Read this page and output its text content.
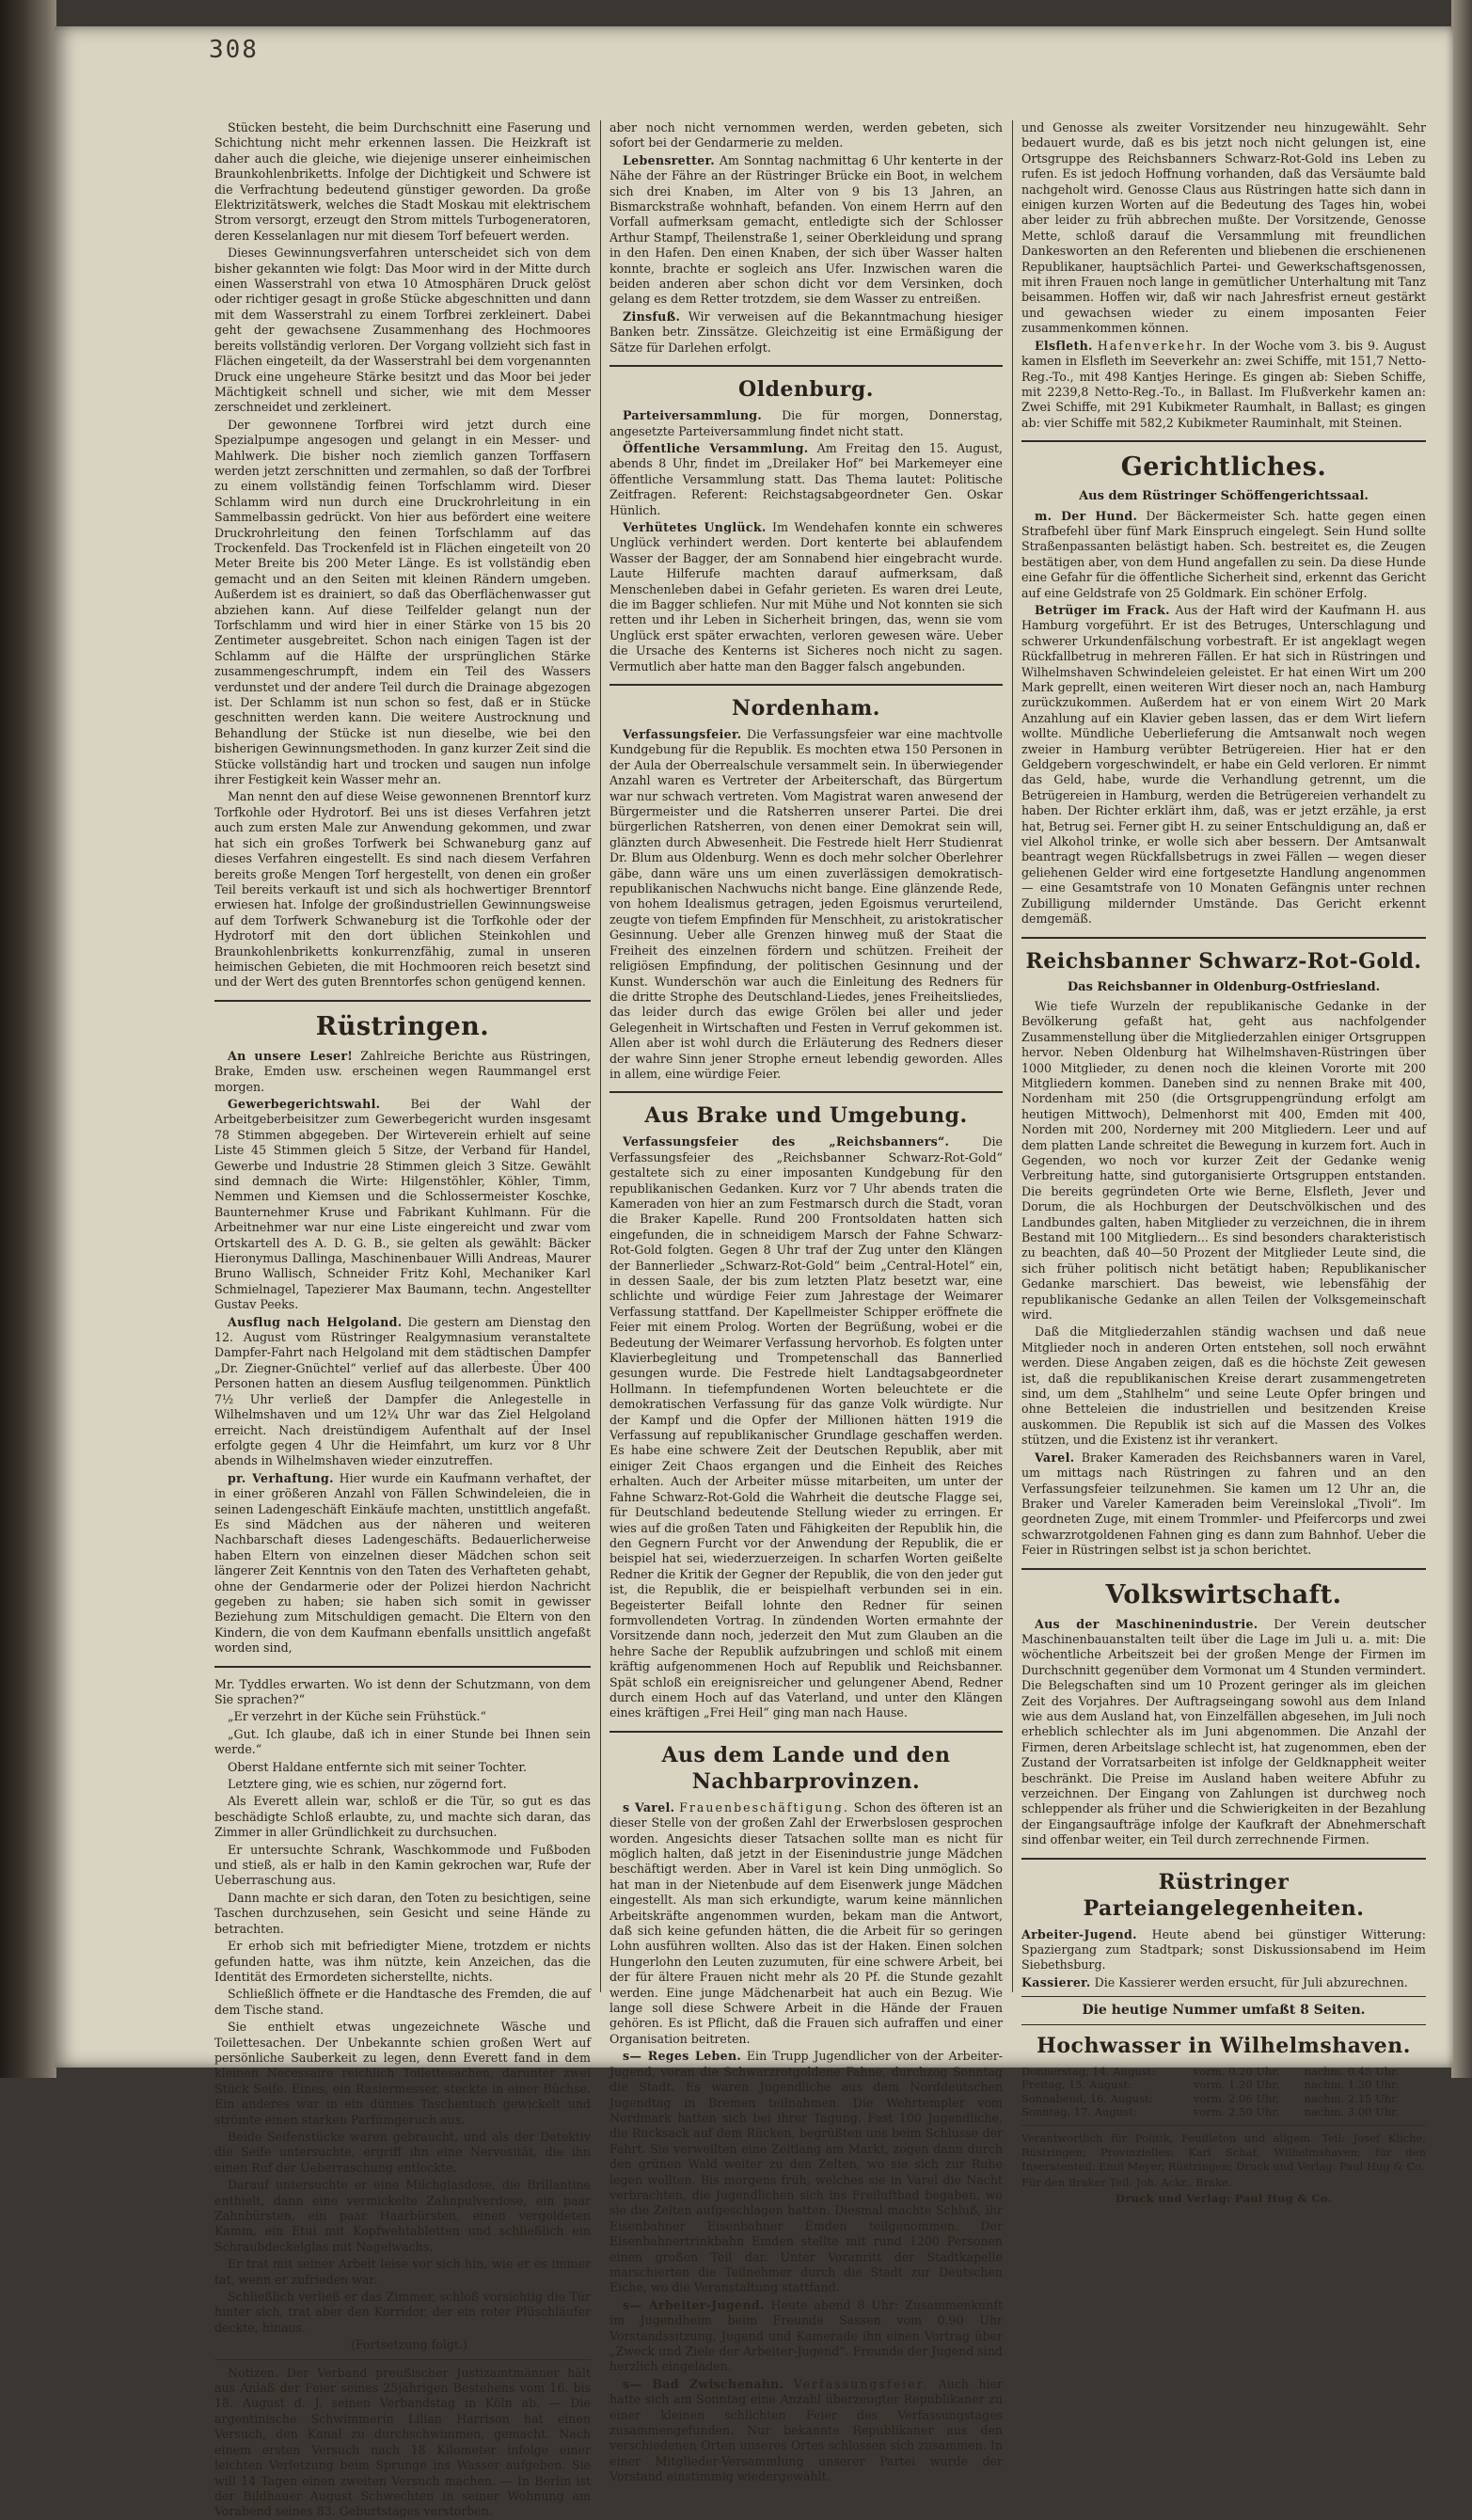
308

Stücken besteht, die beim Durchschnitt eine Faserung und Schichtung nicht mehr erkennen lassen. Die Heizkraft ist daher auch die gleiche, wie diejenige unserer einheimischen Braunkohlenbriketts. Infolge der Dichtigkeit und Schwere ist die Verfrachtung bedeutend günstiger geworden. Da große Elektrizitätswerk, welches die Stadt Moskau mit elektrischem Strom versorgt, erzeugt den Strom mittels Turbogeneratoren, deren Kesselanlagen nur mit diesem Torf befeuert werden.

Dieses Gewinnungsverfahren unterscheidet sich von dem bisher gekannten wie folgt: Das Moor wird in der Mitte durch einen Wasserstrahl von etwa 10 Atmosphären Druck gelöst oder richtiger gesagt in große Stücke abgeschnitten und dann mit dem Wasserstrahl zu einem Torfbrei zerkleinert. Dabei geht der gewachsene Zusammenhang des Hochmoores bereits vollständig verloren. Der Vorgang vollzieht sich fast in Flächen eingeteilt, da der Wasserstrahl bei dem vorgenannten Druck eine ungeheure Stärke besitzt und das Moor bei jeder Mächtigkeit schnell und sicher, wie mit dem Messer zerschneidet und zerkleinert.

Der gewonnene Torfbrei wird jetzt durch eine Spezialpumpe angesogen und gelangt in ein Messer- und Mahlwerk. Die bisher noch ziemlich ganzen Torffasern werden jetzt zerschnitten und zermahlen, so daß der Torfbrei zu einem vollständig feinen Torfschlamm wird. Dieser Schlamm wird nun durch eine Druckrohrleitung in ein Sammelbassin gedrückt. Von hier aus befördert eine weitere Druckrohrleitung den feinen Torfschlamm auf das Trockenfeld. Das Trockenfeld ist in Flächen eingeteilt von 20 Meter Breite bis 200 Meter Länge. Es ist vollständig eben gemacht und an den Seiten mit kleinen Rändern umgeben. Außerdem ist es drainiert, so daß das Oberflächenwasser gut abziehen kann. Auf diese Teilfelder gelangt nun der Torfschlamm und wird hier in einer Stärke von 15 bis 20 Zentimeter ausgebreitet. Schon nach einigen Tagen ist der Schlamm auf die Hälfte der ursprünglichen Stärke zusammengeschrumpft, indem ein Teil des Wassers verdunstet und der andere Teil durch die Drainage abgezogen ist. Der Schlamm ist nun schon so fest, daß er in Stücke geschnitten werden kann. Die weitere Austrocknung und Behandlung der Stücke ist nun dieselbe, wie bei den bisherigen Gewinnungsmethoden. In ganz kurzer Zeit sind die Stücke vollständig hart und trocken und saugen nun infolge ihrer Festigkeit kein Wasser mehr an.

Man nennt den auf diese Weise gewonnenen Brenntorf kurz Torfkohle oder Hydrotorf. Bei uns ist dieses Verfahren jetzt auch zum ersten Male zur Anwendung gekommen, und zwar hat sich ein großes Torfwerk bei Schwaneburg ganz auf dieses Verfahren eingestellt. Es sind nach diesem Verfahren bereits große Mengen Torf hergestellt, von denen ein großer Teil bereits verkauft ist und sich als hochwertiger Brenntorf erwiesen hat. Infolge der großindustriellen Gewinnungsweise auf dem Torfwerk Schwaneburg ist die Torfkohle oder der Hydrotorf mit den dort üblichen Steinkohlen und Braunkohlenbriketts konkurrenzfähig, zumal in unseren heimischen Gebieten, die mit Hochmooren reich besetzt sind und der Wert des guten Brenntorfes schon genügend kennen.

Rüstringen.

An unsere Leser! Zahlreiche Berichte aus Rüstringen, Brake, Emden usw. erscheinen wegen Raummangel erst morgen.

Gewerbegerichtswahl.	Bei der Wahl der Arbeitgeberbeisitzer zum Gewerbegericht wurden insgesamt 78 Stimmen abgegeben. Der Wirteverein erhielt auf seine Liste 45 Stimmen gleich 5 Sitze, der Verband für Handel, Gewerbe und Industrie 28 Stimmen gleich 3 Sitze. Gewählt sind demnach die Wirte: Hilgenstöhler, Köhler, Timm, Nemmen und Kiemsen und die Schlossermeister Koschke, Baunternehmer Kruse und Fabrikant Kuhlmann. Für die Arbeitnehmer war nur eine Liste eingereicht und zwar vom Ortskartell des A. D. G. B., sie gelten als gewählt: Bäcker Hieronymus Dallinga, Maschinenbauer Willi Andreas, Maurer Bruno Wallisch, Schneider Fritz Kohl, Mechaniker Karl Schmielnagel, Tapezierer Max Baumann, techn. Angestellter Gustav Peeks.

Ausflug nach Helgoland. Die gestern am Dienstag den 12. August vom Rüstringer Realgymnasium veranstaltete Dampfer-Fahrt nach Helgoland mit dem städtischen Dampfer „Dr. Ziegner-Gnüchtel“ verlief auf das allerbeste. Über 400 Personen hatten an diesem Ausflug teilgenommen. Pünktlich 7½ Uhr verließ der Dampfer die Anlegestelle in Wilhelmshaven und um 12¼ Uhr war das Ziel Helgoland erreicht. Nach dreistündigem Aufenthalt auf der Insel erfolgte gegen 4 Uhr die Heimfahrt, um kurz vor 8 Uhr abends in Wilhelmshaven wieder einzutreffen.

pr. Verhaftung. Hier wurde ein Kaufmann verhaftet, der in einer größeren Anzahl von Fällen Schwindeleien, die in seinen Ladengeschäft Einkäufe machten, unstittlich angefaßt. Es sind Mädchen aus der näheren und weiteren Nachbarschaft dieses Ladengeschäfts. Bedauerlicherweise haben Eltern von einzelnen dieser Mädchen schon seit längerer Zeit Kenntnis von den Taten des Verhafteten gehabt, ohne der Gendarmerie oder der Polizei hierdon Nachricht gegeben zu haben; sie haben sich somit in gewisser Beziehung zum Mitschuldigen gemacht. Die Eltern von den Kindern, die von dem Kaufmann ebenfalls unsittlich angefaßt worden sind,

Mr. Tyddles erwarten. Wo ist denn der Schutzmann, von dem Sie sprachen?“

„Er verzehrt in der Küche sein Frühstück.“

„Gut. Ich glaube, daß ich in einer Stunde bei Ihnen sein werde.“

Oberst Haldane entfernte sich mit seiner Tochter.

Letztere ging, wie es schien, nur zögernd fort.

Als Everett allein war, schloß er die Tür, so gut es das beschädigte Schloß erlaubte, zu, und machte sich daran, das Zimmer in aller Gründlichkeit zu durchsuchen.

Er untersuchte Schrank, Waschkommode und Fußboden und stieß, als er halb in den Kamin gekrochen war, Rufe der Ueberraschung aus.

Dann machte er sich daran, den Toten zu besichtigen, seine Taschen durchzusehen, sein Gesicht und seine Hände zu betrachten.

Er erhob sich mit befriedigter Miene, trotzdem er nichts gefunden hatte, was ihm nützte, kein Anzeichen, das die Identität des Ermordeten sicherstellte, nichts.

Schließlich öffnete er die Handtasche des Fremden, die auf dem Tische stand.

Sie enthielt etwas ungezeichnete Wäsche und Toilettesachen. Der Unbekannte schien großen Wert auf persönliche Sauberkeit zu legen, denn Everett fand in dem kleinen Necessaire reichlich Toilettesachen, darunter zwei Stück Seife. Eines, ein Rasiermesser, steckte in einer Büchse. Ein anderes war in ein dünnes Taschentuch gewickelt und strömte einen starken Parfümgeruch aus.

Beide Seifenstücke waren gebraucht, und als der Detektiv die Seife untersuchte, ergriff ihn eine Nervosität, die ihn einen Ruf der Ueberraschung entlockte.

Darauf untersuchte er eine Milchglasdose, die Brillantine enthielt, dann eine vermickelte Zahnpulverdose, ein paar Zahnbürsten, ein paar Haarbürsten, einen vergoldeten Kamm, ein Etui mit Kopfwehtabletten und schließlich ein Schraubdeckelglas mit Nagelwachs.

Er trat mit seiner Arbeit leise vor sich hin, wie er es immer tat, wenn er zufrieden war.

Schließlich verließ er das Zimmer, schloß vorsichtig die Tür hinter sich, trat aber den Korridor, der ein roter Plüschläufer deckte, hinaus.

(Fortsetzung folgt.)

Notizen. Der Verband preußischer Justizamtmänner hält aus Anlaß der Feier seines 25jährigen Bestehens vom 16. bis 18. August d. J. seinen Verbandstag in Köln ab. — Die argentinische Schwimmerin Lilian Harrison hat einen Versuch, den Kanal zu durchschwimmen, gemacht. Nach einem ersten Versuch nach 18 Kilometer infolge einer leichten Verletzung beim Sprunge ins Wasser aufgeben. Sie will 14 Tagen einen zweiten Versuch machen. — In Berlin ist der Bildhauer August Schwechten in seiner Wohnung am Vorabend seines 83. Geburtstages verstorben.

aber noch nicht vernommen werden, werden gebeten, sich sofort bei der Gendarmerie zu melden.

Lebensretter. Am Sonntag nachmittag 6 Uhr kenterte in der Nähe der Fähre an der Rüstringer Brücke ein Boot, in welchem sich drei Knaben, im Alter von 9 bis 13 Jahren, an Bismarckstraße wohnhaft, befanden. Von einem Herrn auf den Vorfall aufmerksam gemacht, entledigte sich der Schlosser Arthur Stampf, Theilenstraße 1, seiner Oberkleidung und sprang in den Hafen. Den einen Knaben, der sich über Wasser halten konnte, brachte er sogleich ans Ufer. Inzwischen waren die beiden anderen aber schon dicht vor dem Versinken, doch gelang es dem Retter trotzdem, sie dem Wasser zu entreißen.

Zinsfuß. Wir verweisen auf die Bekanntmachung hiesiger Banken betr. Zinssätze. Gleichzeitig ist eine Ermäßigung der Sätze für Darlehen erfolgt.

Oldenburg.

Parteiversammlung. Die für morgen, Donnerstag, angesetzte Parteiversammlung findet nicht statt.

Öffentliche Versammlung. Am Freitag den 15. August, abends 8 Uhr, findet im „Dreilaker Hof“ bei Markemeyer eine öffentliche Versammlung statt. Das Thema lautet: Politische Zeitfragen. Referent: Reichstagsabgeordneter Gen. Oskar Hünlich.

Verhütetes Unglück. Im Wendehafen konnte ein schweres Unglück verhindert werden. Dort kenterte bei ablaufendem Wasser der Bagger, der am Sonnabend hier eingebracht wurde. Laute Hilferufe machten darauf aufmerksam, daß Menschenleben dabei in Gefahr gerieten. Es waren drei Leute, die im Bagger schliefen. Nur mit Mühe und Not konnten sie sich retten und ihr Leben in Sicherheit bringen, das, wenn sie vom Unglück erst später erwachten, verloren gewesen wäre. Ueber die Ursache des Kenterns ist Sicheres noch nicht zu sagen. Vermutlich aber hatte man den Bagger falsch angebunden.

Nordenham.

Verfassungsfeier. Die Verfassungsfeier war eine machtvolle Kundgebung für die Republik. Es mochten etwa 150 Personen in der Aula der Oberrealschule versammelt sein. In überwiegender Anzahl waren es Vertreter der Arbeiterschaft, das Bürgertum war nur schwach vertreten. Vom Magistrat waren anwesend der Bürgermeister und die Ratsherren unserer Partei. Die drei bürgerlichen Ratsherren, von denen einer Demokrat sein will, glänzten durch Abwesenheit. Die Festrede hielt Herr Studienrat Dr. Blum aus Oldenburg. Wenn es doch mehr solcher Oberlehrer gäbe, dann wäre uns um einen zuverlässigen demokratisch-republikanischen Nachwuchs nicht bange. Eine glänzende Rede, von hohem Idealismus getragen, jeden Egoismus verurteilend, zeugte von tiefem Empfinden für Menschheit, zu aristokratischer Gesinnung. Ueber alle Grenzen hinweg muß der Staat die Freiheit des einzelnen fördern und schützen. Freiheit der religiösen Empfindung, der politischen Gesinnung und der Kunst. Wunderschön war auch die Einleitung des Redners für die dritte Strophe des Deutschland-Liedes, jenes Freiheitsliedes, das leider durch das ewige Grölen bei aller und jeder Gelegenheit in Wirtschaften und Festen in Verruf gekommen ist. Allen aber ist wohl durch die Erläuterung des Redners dieser der wahre Sinn jener Strophe erneut lebendig geworden. Alles in allem, eine würdige Feier.

Aus Brake und Umgebung.

Verfassungsfeier des „Reichsbanners“.	Die Verfassungsfeier des „Reichsbanner Schwarz-Rot-Gold“ gestaltete sich zu einer imposanten Kundgebung für den republikanischen Gedanken. Kurz vor 7 Uhr abends traten die Kameraden von hier an zum Festmarsch durch die Stadt, voran die Braker Kapelle. Rund 200 Frontsoldaten hatten sich eingefunden, die in schneidigem Marsch der Fahne Schwarz-Rot-Gold folgten. Gegen 8 Uhr traf der Zug unter den Klängen der Bannerlieder „Schwarz-Rot-Gold“ beim „Central-Hotel“ ein, in dessen Saale, der bis zum letzten Platz besetzt war, eine schlichte und würdige Feier zum Jahrestage der Weimarer Verfassung stattfand. Der Kapellmeister Schipper eröffnete die Feier mit einem Prolog. Worten der Begrüßung, wobei er die Bedeutung der Weimarer Verfassung hervorhob. Es folgten unter Klavierbegleitung und Trompetenschall das Bannerlied gesungen wurde. Die Festrede hielt Landtagsabgeordneter Hollmann. In tiefempfundenen Worten beleuchtete er die demokratischen Verfassung für das ganze Volk würdigte. Nur der Kampf und die Opfer der Millionen hätten 1919 die Verfassung auf republikanischer Grundlage geschaffen werden. Es habe eine schwere Zeit der Deutschen Republik, aber mit einiger Zeit Chaos ergangen und die Einheit des Reiches erhalten. Auch der Arbeiter müsse mitarbeiten, um unter der Fahne Schwarz-Rot-Gold die Wahrheit die deutsche Flagge sei, für Deutschland bedeutende Stellung wieder zu erringen. Er wies auf die großen Taten und Fähigkeiten der Republik hin, die den Gegnern Furcht vor der Anwendung der Republik, die er beispiel hat sei, wiederzuerzeigen. In scharfen Worten geißelte Redner die Kritik der Gegner der Republik, die von den jeder gut ist, die Republik, die er beispielhaft verbunden sei in ein. Begeisterter Beifall lohnte den Redner für seinen formvollendeten Vortrag. In zündenden Worten ermahnte der Vorsitzende dann noch, jederzeit den Mut zum Glauben an die hehre Sache der Republik aufzubringen und schloß mit einem kräftig aufgenommenen Hoch auf Republik und Reichsbanner. Spät schloß ein ereignisreicher und gelungener Abend, Redner durch einem Hoch auf das Vaterland, und unter den Klängen eines kräftigen „Frei Heil“ ging man nach Hause.

Aus dem Lande und den Nachbarprovinzen.

s Varel. Frauenbeschäftigung. Schon des öfteren ist an dieser Stelle von der großen Zahl der Erwerbslosen gesprochen worden. Angesichts dieser Tatsachen sollte man es nicht für möglich halten, daß jetzt in der Eisenindustrie junge Mädchen beschäftigt werden. Aber in Varel ist kein Ding unmöglich. So hat man in der Nietenbude auf dem Eisenwerk junge Mädchen eingestellt. Als man sich erkundigte, warum keine männlichen Arbeitskräfte angenommen wurden, bekam man die Antwort, daß sich keine gefunden hätten, die die Arbeit für so geringen Lohn ausführen wollten. Also das ist der Haken. Einen solchen Hungerlohn den Leuten zuzumuten, für eine schwere Arbeit, bei der für ältere Frauen nicht mehr als 20 Pf. die Stunde gezahlt werden. Eine junge Mädchenarbeit hat auch ein Bezug. Wie lange soll diese Schwere Arbeit in die Hände der Frauen gehören. Es ist Pflicht, daß die Frauen sich aufraffen und einer Organisation beitreten.

s— Reges Leben. Ein Trupp Jugendlicher von der Arbeiter-Jugend, voran die Schwarzrotgoldene Fahne, durchzog Sonntag die Stadt. Es waren Jugendliche aus dem Norddeutschen Jugendtag in Bremen teilnahmen. Die Wehrtempler vom Nordmark hatten sich bei ihrer Tagung. Fast 100 Jugendliche, die Rucksack auf dem Rücken, begrüßten uns beim Schlusse der Fahrt. Sie verweilten eine Zeitlang am Markt, zogen dann durch den grünen Wald weiter zu den Zelten, wo sie sich zur Ruhe legen wollten. Bis morgens früh, welches sie in Varel die Nacht verbrachten, die Jugendlichen sich ins Freiluftbad begaben, wo sie die Zelten aufgeschlagen hatten. Diesmal machte Schluß, ihr Eisenbahner Eisenbahner Emden teilgenommen. Der Eisenbahnertrinkbahn Emden stellte mit rund 1200 Personen einen großen Teil dar. Unter Voranritt der Stadtkapelle marschierten die Teilnehmer durch die Stadt zur Deutschen Eiche, wo die Veranstaltung stattfand.

s— Arbeiter-Jugend. Heute abend 8 Uhr: Zusammenkunft im Jugendheim beim Freunde Sassen vom 0.90 Uhr Vorstandssitzung. Jugend und Kamerade ihn einen Vortrag über „Zweck und Ziele der Arbeiter-Jugend“. Freunde der Jugend sind herzlich eingeladen.

s— Bad Zwischenahn. Verfassungsfeier. Auch hier hatte sich am Sonntag eine Anzahl überzeugter Republikaner zu einer kleinen schlichten Feier des Verfassungstages zusammengefunden. Nur bekannte Republikaner aus den verschiedenen Orten unseres Ortes schlossen sich zusammen. In einer Mitglieder-Versammlung unserer Partei wurde der Vorstand einstimmig wiedergewählt.

und Genosse als zweiter Vorsitzender neu hinzugewählt. Sehr bedauert wurde, daß es bis jetzt noch nicht gelungen ist, eine Ortsgruppe des Reichsbanners Schwarz-Rot-Gold ins Leben zu rufen. Es ist jedoch Hoffnung vorhanden, daß das Versäumte bald nachgeholt wird. Genosse Claus aus Rüstringen hatte sich dann in einigen kurzen Worten auf die Bedeutung des Tages hin, wobei aber leider zu früh abbrechen mußte. Der Vorsitzende, Genosse Mette, schloß darauf die Versammlung mit freundlichen Dankesworten an den Referenten und bliebenen die erschienenen Republikaner, hauptsächlich Partei- und Gewerkschaftsgenossen, mit ihren Frauen noch lange in gemütlicher Unterhaltung mit Tanz beisammen. Hoffen wir, daß wir nach Jahresfrist erneut gestärkt und gewachsen wieder zu einem imposanten Feier zusammenkommen können.

Elsfleth. Hafenverkehr. In der Woche vom 3. bis 9. August kamen in Elsfleth im Seeverkehr an: zwei Schiffe, mit 151,7 Netto-Reg.-To., mit 498 Kantjes Heringe. Es gingen ab: Sieben Schiffe, mit 2239,8 Netto-Reg.-To., in Ballast. Im Flußverkehr kamen an: Zwei Schiffe, mit 291 Kubikmeter Raumhalt, in Ballast; es gingen ab: vier Schiffe mit 582,2 Kubikmeter Rauminhalt, mit Steinen.

Gerichtliches.
Aus dem Rüstringer Schöffengerichtssaal.

m. Der Hund. Der Bäckermeister Sch. hatte gegen einen Strafbefehl über fünf Mark Einspruch eingelegt. Sein Hund sollte Straßenpassanten belästigt haben. Sch. bestreitet es, die Zeugen bestätigen aber, von dem Hund angefallen zu sein. Da diese Hunde eine Gefahr für die öffentliche Sicherheit sind, erkennt das Gericht auf eine Geldstrafe von 25 Goldmark. Ein schöner Erfolg.

Betrüger im Frack. Aus der Haft wird der Kaufmann H. aus Hamburg vorgeführt. Er ist des Betruges, Unterschlagung und schwerer Urkundenfälschung vorbestraft. Er ist angeklagt wegen Rückfallbetrug in mehreren Fällen. Er hat sich in Rüstringen und Wilhelmshaven Schwindeleien geleistet. Er hat einen Wirt um 200 Mark geprellt, einen weiteren Wirt dieser noch an, nach Hamburg zurückzukommen. Außerdem hat er von einem Wirt 20 Mark Anzahlung auf ein Klavier geben lassen, das er dem Wirt liefern wollte. Mündliche Ueberlieferung die Amtsanwalt noch wegen zweier in Hamburg verübter Betrügereien. Hier hat er den Geldgebern vorgeschwindelt, er habe ein Geld verloren. Er nimmt das Geld, habe, wurde die Verhandlung getrennt, um die Betrügereien in Hamburg, werden die Betrügereien verhandelt zu haben. Der Richter erklärt ihm, daß, was er jetzt erzähle, ja erst hat, Betrug sei. Ferner gibt H. zu seiner Entschuldigung an, daß er viel Alkohol trinke, er wolle sich aber bessern. Der Amtsanwalt beantragt wegen Rückfallsbetrugs in zwei Fällen — wegen dieser geliehenen Gelder wird eine fortgesetzte Handlung angenommen — eine Gesamtstrafe von 10 Monaten Gefängnis unter rechnen Zubilligung mildernder Umstände. Das Gericht erkennt demgemäß.

Reichsbanner Schwarz-Rot-Gold.
Das Reichsbanner in Oldenburg-Ostfriesland.

Wie tiefe Wurzeln der republikanische Gedanke in der Bevölkerung gefaßt hat, geht aus nachfolgender Zusammenstellung über die Mitgliederzahlen einiger Ortsgruppen hervor. Neben Oldenburg hat Wilhelmshaven-Rüstringen über 1000 Mitglieder, zu denen noch die kleinen Vororte mit 200 Mitgliedern kommen. Daneben sind zu nennen Brake mit 400, Nordenham mit 250 (die Ortsgruppengründung erfolgt am heutigen Mittwoch), Delmenhorst mit 400, Emden mit 400, Norden mit 200, Norderney mit 200 Mitgliedern. Leer und auf dem platten Lande schreitet die Bewegung in kurzem fort. Auch in Gegenden, wo noch vor kurzer Zeit der Gedanke wenig Verbreitung hatte, sind gutorganisierte Ortsgruppen entstanden. Die bereits gegründeten Orte wie Berne, Elsfleth, Jever und Dorum, die als Hochburgen der Deutschvölkischen und des Landbundes galten, haben Mitglieder zu verzeichnen, die in ihrem Bestand mit 100 Mitgliedern... Es sind besonders charakteristisch zu beachten, daß 40—50 Prozent der Mitglieder Leute sind, die sich früher politisch nicht betätigt haben; Republikanischer Gedanke marschiert. Das beweist, wie lebensfähig der republikanische Gedanke an allen Teilen der Volksgemeinschaft wird.

Daß die Mitgliederzahlen ständig wachsen und daß neue Mitglieder noch in anderen Orten entstehen, soll noch erwähnt werden. Diese Angaben zeigen, daß es die höchste Zeit gewesen ist, daß die republikanischen Kreise derart zusammengetreten sind, um dem „Stahlhelm“ und seine Leute Opfer bringen und ohne Betteleien die industriellen und besitzenden Kreise auskommen. Die Republik ist sich auf die Massen des Volkes stützen, und die Existenz ist ihr verankert.

Varel. Braker Kameraden des Reichsbanners waren in Varel, um mittags nach Rüstringen zu fahren und an den Verfassungsfeier teilzunehmen. Sie kamen um 12 Uhr an, die Braker und Vareler Kameraden beim Vereinslokal „Tivoli“. Im geordneten Zuge, mit einem Trommler- und Pfeifercorps und zwei schwarzrotgoldenen Fahnen ging es dann zum Bahnhof. Ueber die Feier in Rüstringen selbst ist ja schon berichtet.

Volkswirtschaft.

Aus der Maschinenindustrie. Der Verein deutscher Maschinenbauanstalten teilt über die Lage im Juli u. a. mit: Die wöchentliche Arbeitszeit bei der großen Menge der Firmen im Durchschnitt gegenüber dem Vormonat um 4 Stunden vermindert. Die Belegschaften sind um 10 Prozent geringer als im gleichen Zeit des Vorjahres. Der Auftragseingang sowohl aus dem Inland wie aus dem Ausland hat, von Einzelfällen abgesehen, im Juli noch erheblich schlechter als im Juni abgenommen. Die Anzahl der Firmen, deren Arbeitslage schlecht ist, hat zugenommen, eben der Zustand der Vorratsarbeiten ist infolge der Geldknappheit weiter beschränkt. Die Preise im Ausland haben weitere Abfuhr zu verzeichnen. Der Eingang von Zahlungen ist durchweg noch schleppender als früher und die Schwierigkeiten in der Bezahlung der Eingangsaufträge infolge der Kaufkraft der Abnehmerschaft sind offenbar weiter, ein Teil durch zerrechnende Firmen.

Rüstringer Parteiangelegenheiten.

Arbeiter-Jugend. Heute abend bei günstiger Witterung: Spaziergang zum Stadtpark; sonst Diskussionsabend im Heim Siebethsburg.

Kassierer. Die Kassierer werden ersucht, für Juli abzurechnen.

Die heutige Nummer umfaßt 8 Seiten.
Hochwasser in Wilhelmshaven.
Donnerstag, 14. August:	vorm. 0.20 Uhr,	nachm. 0.45 Uhr.
Freitag, 15. August:	vorm. 1.20 Uhr,	nachm. 1.30 Uhr.
Sonnabend, 16. August:	vorm. 2.06 Uhr,	nachm. 2.15 Uhr.
Sonntag, 17. August:	vorm. 2.50 Uhr,	nachm. 3.00 Uhr.

Verantwortlich für Politik, Feuilleton und allgem. Teil: Josef Kliche, Rüstringen; Provinzielles: Karl Schaf, Wilhelmshaven; für den Inseratenteil: Emil Meyer, Rüstringen; Druck und Verlag: Paul Hug & Co.

Für den Braker Teil: Joh. Ackr., Brake.

Druck und Verlag: Paul Hug & Co.
